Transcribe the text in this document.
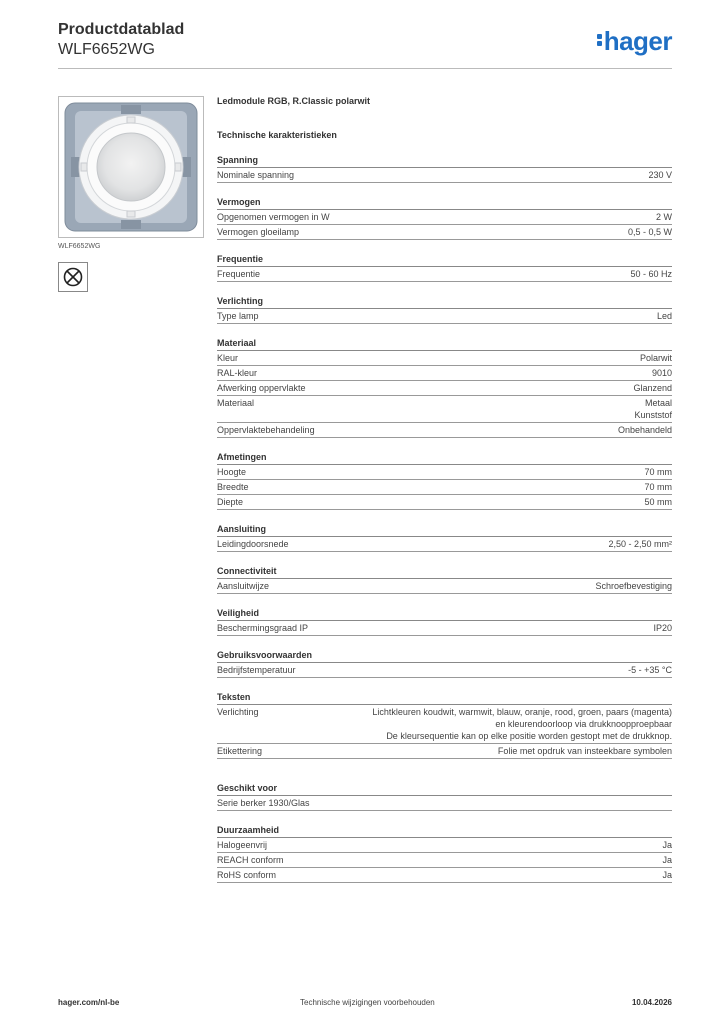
Productdatablad
WLF6652WG	hager
WLF6652WG
Ledmodule RGB, R.Classic polarwit
Technische karakteristieken
Spanning
Nominale spanning	230 V
Vermogen
Opgenomen vermogen in W	2 W
Vermogen gloeilamp	0,5 - 0,5 W
Frequentie
Frequentie	50 - 60 Hz
Verlichting
Type lamp	Led
Materiaal
Kleur	Polarwit
RAL-kleur	9010
Afwerking oppervlakte	Glanzend
Materiaal	Metaal
Kunststof
Oppervlaktebehandeling	Onbehandeld
Afmetingen
Hoogte	70 mm
Breedte	70 mm
Diepte	50 mm
Aansluiting
Leidingdoorsnede	2,50 - 2,50 mm²
Connectiviteit
Aansluitwijze	Schroefbevestiging
Veiligheid
Beschermingsgraad IP	IP20
Gebruiksvoorwaarden
Bedrijfstemperatuur	-5 - +35 °C
Teksten
Verlichting	Lichtkleuren koudwit, warmwit, blauw, oranje, rood, groen, paars (magenta)
en kleurendoorloop via drukknoopproepbaar
De kleursequentie kan op elke positie worden gestopt met de drukknop.
Etikettering	Folie met opdruk van insteekbare symbolen
Geschikt voor
Serie berker 1930/Glas
Duurzaamheid
Halogeenvrij	Ja
REACH conform	Ja
RoHS conform	Ja
hager.com/nl-be	Technische wijzigingen voorbehouden	10.04.2026
